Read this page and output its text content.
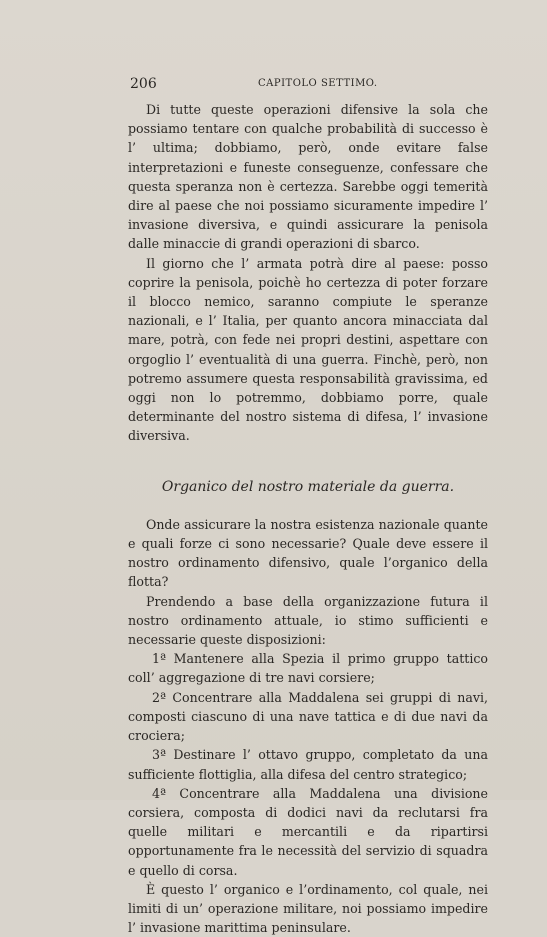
206	CAPITOLO SETTIMO.

Di tutte queste operazioni difensive la sola che possiamo tentare con qualche probabilità di successo è l’ ultima; dobbiamo, però, onde evitare false interpretazioni e funeste conseguenze, confessare che questa speranza non è certezza. Sarebbe oggi temerità dire al paese che noi possiamo sicuramente impedire l’ invasione diversiva, e quindi assicurare la penisola dalle minaccie di grandi operazioni di sbarco.

Il giorno che l’ armata potrà dire al paese: posso coprire la penisola, poichè ho certezza di poter forzare il blocco nemico, saranno compiute le speranze nazionali, e l’ Italia, per quanto ancora minacciata dal mare, potrà, con fede nei propri destini, aspettare con orgoglio l’ eventualità di una guerra. Finchè, però, non potremo assumere questa responsabilità gravissima, ed oggi non lo potremmo, dobbiamo porre, quale determinante del nostro sistema di difesa, l’ invasione diversiva.

Organico del nostro materiale da guerra.

Onde assicurare la nostra esistenza nazionale quante e quali forze ci sono necessarie? Quale deve essere il nostro ordinamento difensivo, quale l’organico della flotta?

Prendendo a base della organizzazione futura il nostro ordinamento attuale, io stimo sufficienti e necessarie queste disposizioni:

1ª Mantenere alla Spezia il primo gruppo tattico coll’ aggregazione di tre navi corsiere;

2ª Concentrare alla Maddalena sei gruppi di navi, composti ciascuno di una nave tattica e di due navi da crociera;

3ª Destinare l’ ottavo gruppo, completato da una sufficiente flottiglia, alla difesa del centro strategico;

4ª Concentrare alla Maddalena una divisione corsiera, composta di dodici navi da reclutarsi fra quelle militari e mercantili e da ripartirsi opportunamente fra le necessità del servizio di squadra e quello di corsa.

È questo l’ organico e l’ordinamento, col quale, nei limiti di un’ operazione militare, noi possiamo impedire l’ invasione marittima peninsulare.
